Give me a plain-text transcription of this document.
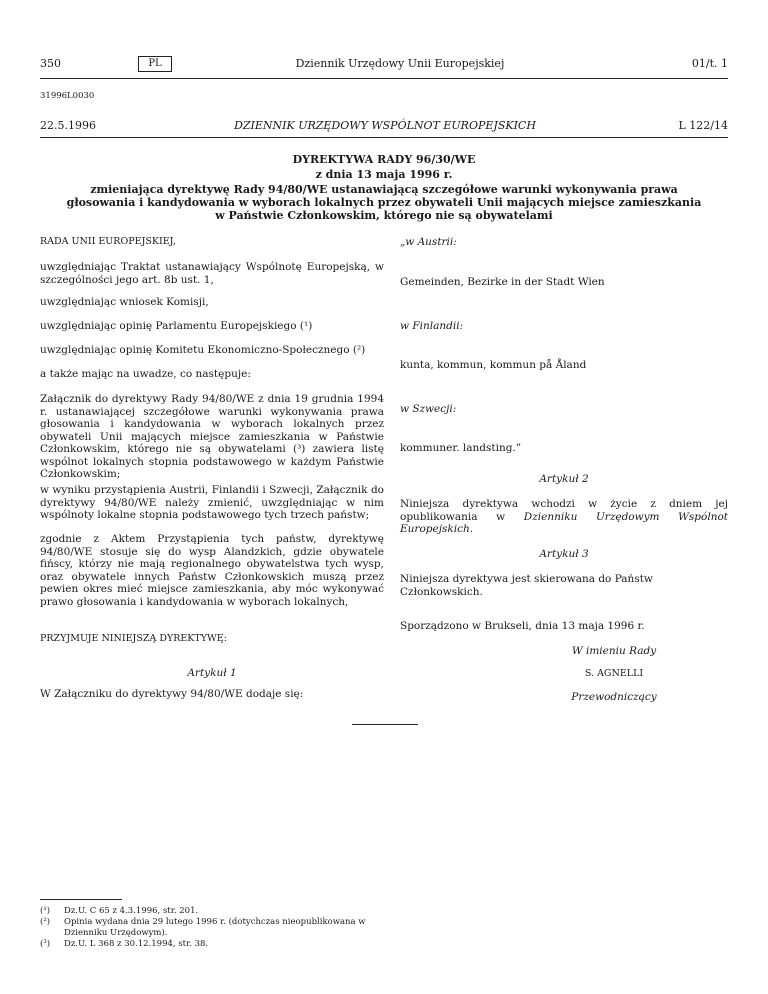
350	PL	Dziennik Urzędowy Unii Europejskiej	01/t. 1
31996L0030
22.5.1996	DZIENNIK URZĘDOWY WSPÓLNOT EUROPEJSKICH	L 122/14
DYREKTYWA RADY 96/30/WE
z dnia 13 maja 1996 r.
zmieniająca dyrektywę Rady 94/80/WE ustanawiającą szczegółowe warunki wykonywania prawa
głosowania i kandydowania w wyborach lokalnych przez obywateli Unii mających miejsce zamieszkania
w Państwie Członkowskim, którego nie są obywatelami
RADA UNII EUROPEJSKIEJ,
uwzględniając Traktat ustanawiający Wspólnotę Europejską, w szczególności jego art. 8b ust. 1,
uwzględniając wniosek Komisji,
uwzględniając opinię Parlamentu Europejskiego (¹)
uwzględniając opinię Komitetu Ekonomiczno-Społecznego (²)
a także mając na uwadze, co następuje:
Załącznik do dyrektywy Rady 94/80/WE z dnia 19 grudnia 1994 r. ustanawiającej szczegółowe warunki wykonywania prawa głosowania i kandydowania w wyborach lokalnych przez obywateli Unii mających miejsce zamieszkania w Państwie Członkowskim, którego nie są obywatelami (³) zawiera listę wspólnot lokalnych stopnia podstawowego w każdym Państwie Członkowskim;
w wyniku przystąpienia Austrii, Finlandii i Szwecji, Załącznik do dyrektywy 94/80/WE należy zmienić, uwzględniając w nim wspólnoty lokalne stopnia podstawowego tych trzech państw;
zgodnie z Aktem Przystąpienia tych państw, dyrektywę 94/80/WE stosuje się do wysp Alandzkich, gdzie obywatele fińscy, którzy nie mają regionalnego obywatelstwa tych wysp, oraz obywatele innych Państw Członkowskich muszą przez pewien okres mieć miejsce zamieszkania, aby móc wykonywać prawo głosowania i kandydowania w wyborach lokalnych,
PRZYJMUJE NINIEJSZĄ DYREKTYWĘ:
Artykuł 1
W Załączniku do dyrektywy 94/80/WE dodaje się:
„w Austrii:
Gemeinden, Bezirke in der Stadt Wien
w Finlandii:
kunta, kommun, kommun på Åland
w Szwecji:
kommuner. landsting.”
Artykuł 2
Niniejsza dyrektywa wchodzi w życie z dniem jej opublikowania w Dzienniku Urzędowym Wspólnot Europejskich.
Artykuł 3
Niniejsza dyrektywa jest skierowana do Państw Członkowskich.
Sporządzono w Brukseli, dnia 13 maja 1996 r.
W imieniu Rady
S. AGNELLI
Przewodniczący
(¹)	Dz.U. C 65 z 4.3.1996, str. 201.
(²)	Opinia wydana dnia 29 lutego 1996 r. (dotychczas nieopublikowana w Dzienniku Urzędowym).
(³)	Dz.U. L 368 z 30.12.1994, str. 38.
